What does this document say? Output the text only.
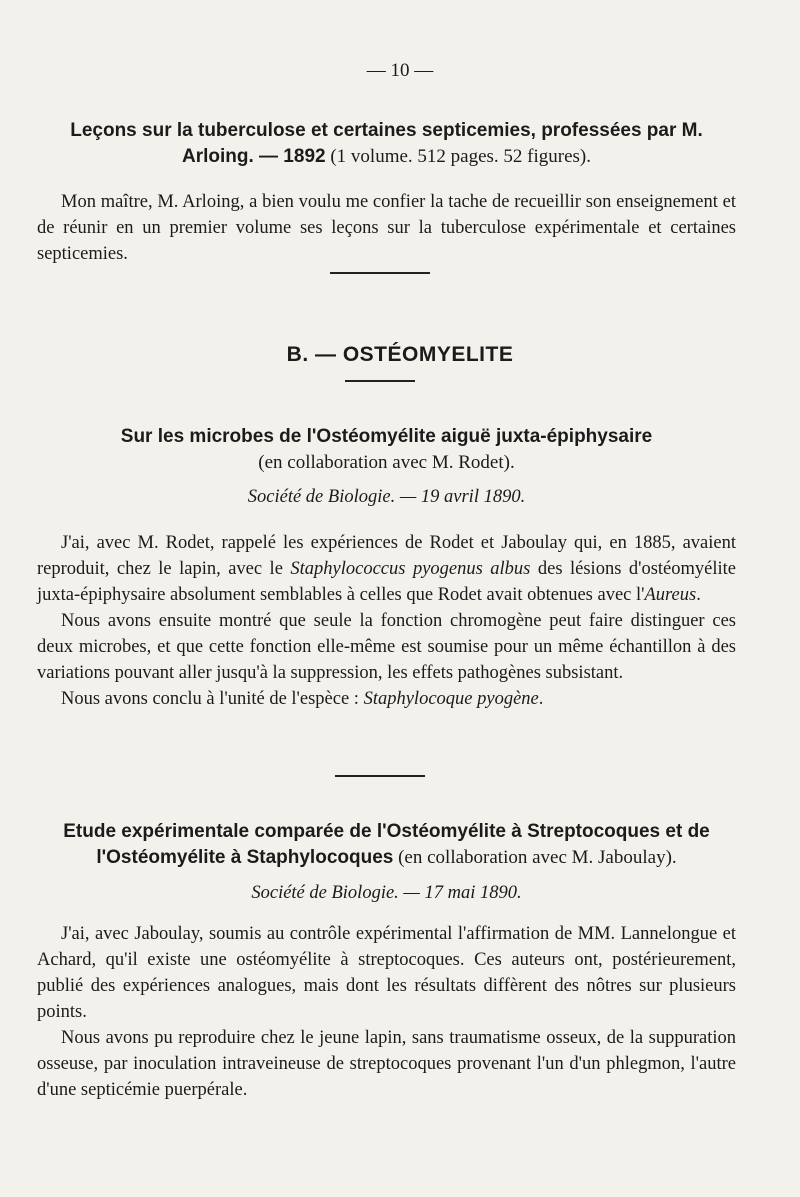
— 10 —
Leçons sur la tuberculose et certaines septicemies, professées par M. Arloing. — 1892 (1 volume. 512 pages. 52 figures).

Mon maître, M. Arloing, a bien voulu me confier la tache de recueillir son enseignement et de réunir en un premier volume ses leçons sur la tuberculose expérimentale et certaines septicemies.

B. — OSTÉOMYELITE
Sur les microbes de l'Ostéomyélite aiguë juxta-épiphysaire
(en collaboration avec M. Rodet).
Société de Biologie. — 19 avril 1890.

J'ai, avec M. Rodet, rappelé les expériences de Rodet et Jaboulay qui, en 1885, avaient reproduit, chez le lapin, avec le Staphylococcus pyogenus albus des lésions d'ostéomyélite juxta-épiphysaire absolument semblables à celles que Rodet avait obtenues avec l'Aureus.

Nous avons ensuite montré que seule la fonction chromogène peut faire distinguer ces deux microbes, et que cette fonction elle-même est soumise pour un même échantillon à des variations pouvant aller jusqu'à la suppression, les effets pathogènes subsistant.

Nous avons conclu à l'unité de l'espèce : Staphylocoque pyogène.

Etude expérimentale comparée de l'Ostéomyélite à Streptocoques et de l'Ostéomyélite à Staphylocoques (en collaboration avec M. Jaboulay).
Société de Biologie. — 17 mai 1890.

J'ai, avec Jaboulay, soumis au contrôle expérimental l'affirmation de MM. Lannelongue et Achard, qu'il existe une ostéomyélite à streptocoques. Ces auteurs ont, postérieurement, publié des expériences analogues, mais dont les résultats diffèrent des nôtres sur plusieurs points.

Nous avons pu reproduire chez le jeune lapin, sans traumatisme osseux, de la suppuration osseuse, par inoculation intraveineuse de streptocoques provenant l'un d'un phlegmon, l'autre d'une septicémie puerpérale.
